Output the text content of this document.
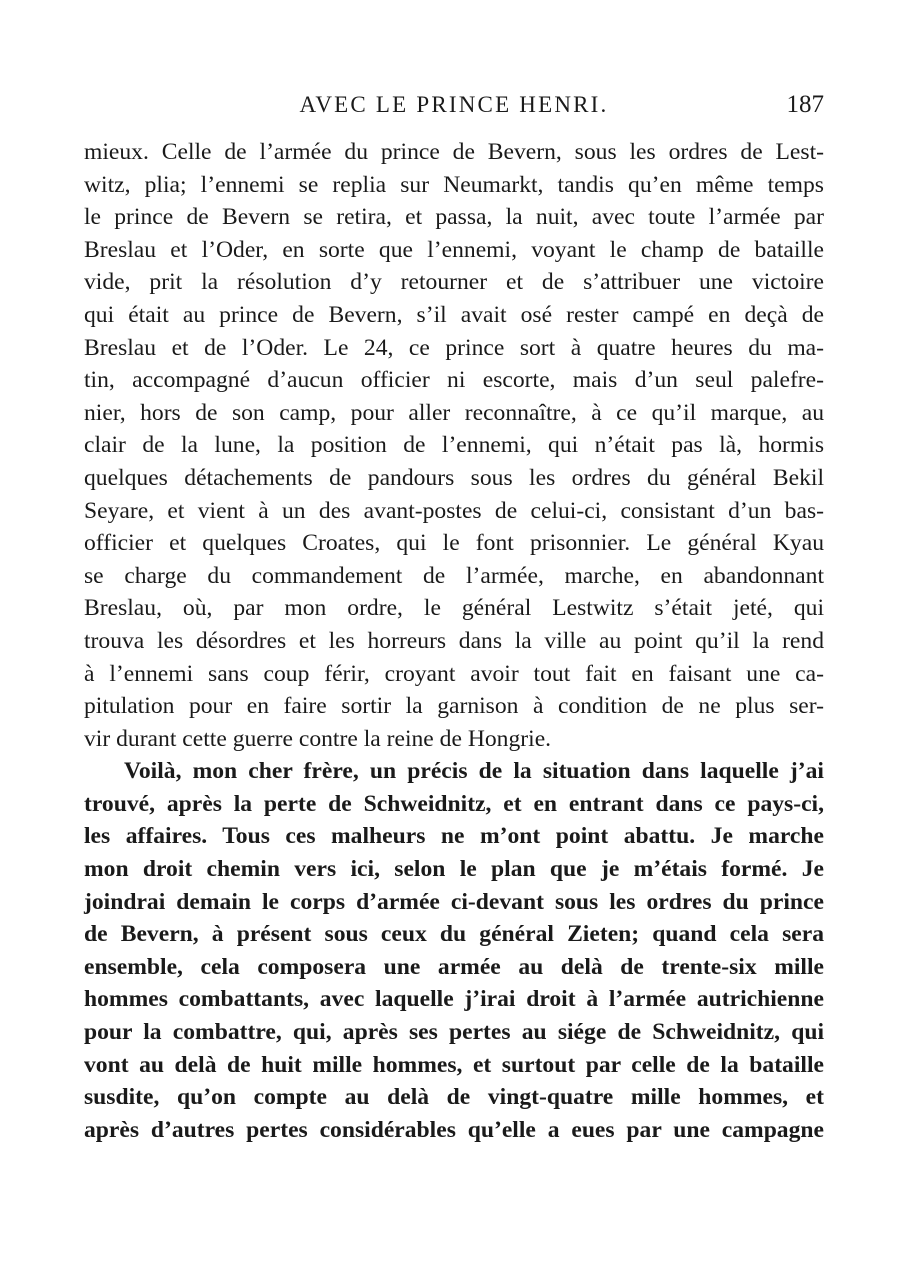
AVEC LE PRINCE HENRI.	187
mieux. Celle de l’armée du prince de Bevern, sous les ordres de Lest-
witz, plia; l’ennemi se replia sur Neumarkt, tandis qu’en même temps
le prince de Bevern se retira, et passa, la nuit, avec toute l’armée par
Breslau et l’Oder, en sorte que l’ennemi, voyant le champ de bataille
vide, prit la résolution d’y retourner et de s’attribuer une victoire
qui était au prince de Bevern, s’il avait osé rester campé en deçà de
Breslau et de l’Oder. Le 24, ce prince sort à quatre heures du ma-
tin, accompagné d’aucun officier ni escorte, mais d’un seul palefre-
nier, hors de son camp, pour aller reconnaître, à ce qu’il marque, au
clair de la lune, la position de l’ennemi, qui n’était pas là, hormis
quelques détachements de pandours sous les ordres du général Bekil
Seyare, et vient à un des avant-postes de celui-ci, consistant d’un bas-
officier et quelques Croates, qui le font prisonnier. Le général Kyau
se charge du commandement de l’armée, marche, en abandonnant
Breslau, où, par mon ordre, le général Lestwitz s’était jeté, qui
trouva les désordres et les horreurs dans la ville au point qu’il la rend
à l’ennemi sans coup férir, croyant avoir tout fait en faisant une ca-
pitulation pour en faire sortir la garnison à condition de ne plus ser-
vir durant cette guerre contre la reine de Hongrie.
Voilà, mon cher frère, un précis de la situation dans laquelle j’ai
trouvé, après la perte de Schweidnitz, et en entrant dans ce pays-ci,
les affaires. Tous ces malheurs ne m’ont point abattu. Je marche
mon droit chemin vers ici, selon le plan que je m’étais formé. Je
joindrai demain le corps d’armée ci-devant sous les ordres du prince
de Bevern, à présent sous ceux du général Zieten; quand cela sera
ensemble, cela composera une armée au delà de trente-six mille
hommes combattants, avec laquelle j’irai droit à l’armée autrichienne
pour la combattre, qui, après ses pertes au siége de Schweidnitz, qui
vont au delà de huit mille hommes, et surtout par celle de la bataille
susdite, qu’on compte au delà de vingt-quatre mille hommes, et
après d’autres pertes considérables qu’elle a eues par une campagne
